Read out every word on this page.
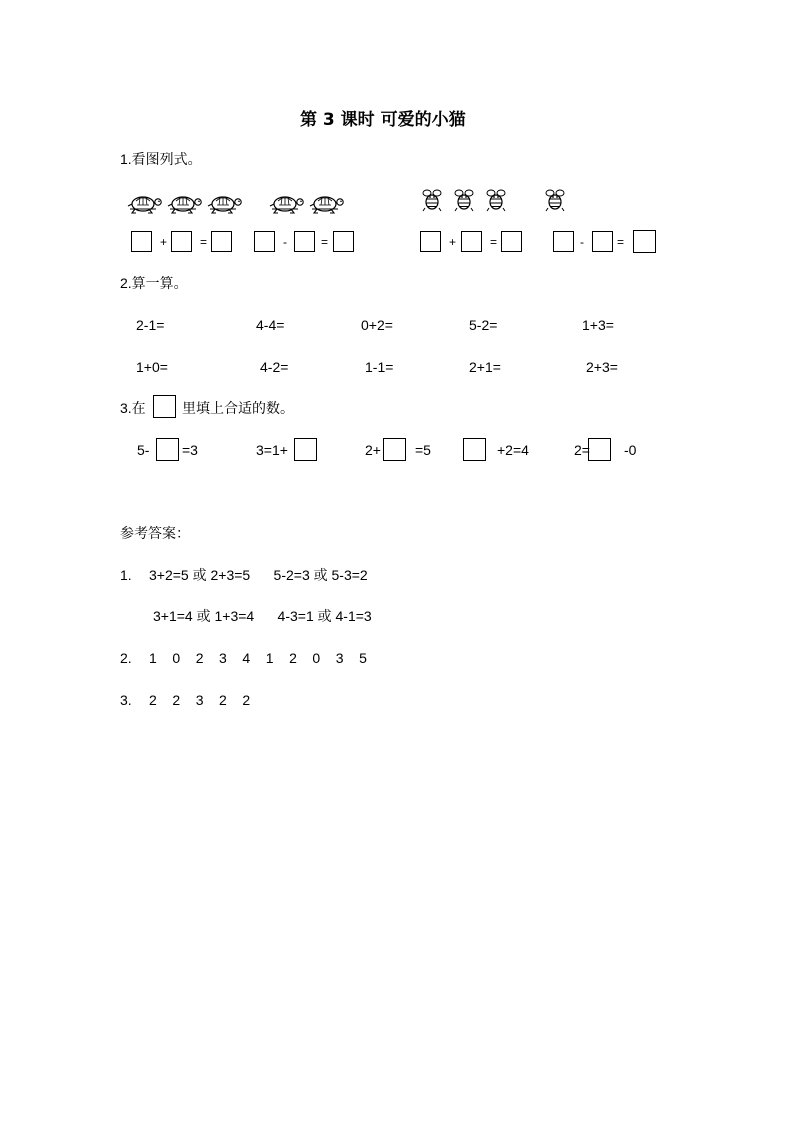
第 3 课时 可爱的小猫
1.看图列式。
+	=	-	=	+	=	-	=
2.算一算。
2-1=	4-4=	0+2=	5-2=	1+3=
1+0=	4-2=	1-1=	2+1=	2+3=
3.在	里填上合适的数。
5- =3	3=1+	2+ =5	+2=4	2= -0
参考答案：
1. 3+2=5 或 2+3=5      5-2=3 或 5-3=2
3+1=4 或 1+3=4      4-3=1 或 4-1=3
2. 1    0    2    3    4    1    2    0    3    5
3. 2    2    3    2    2
